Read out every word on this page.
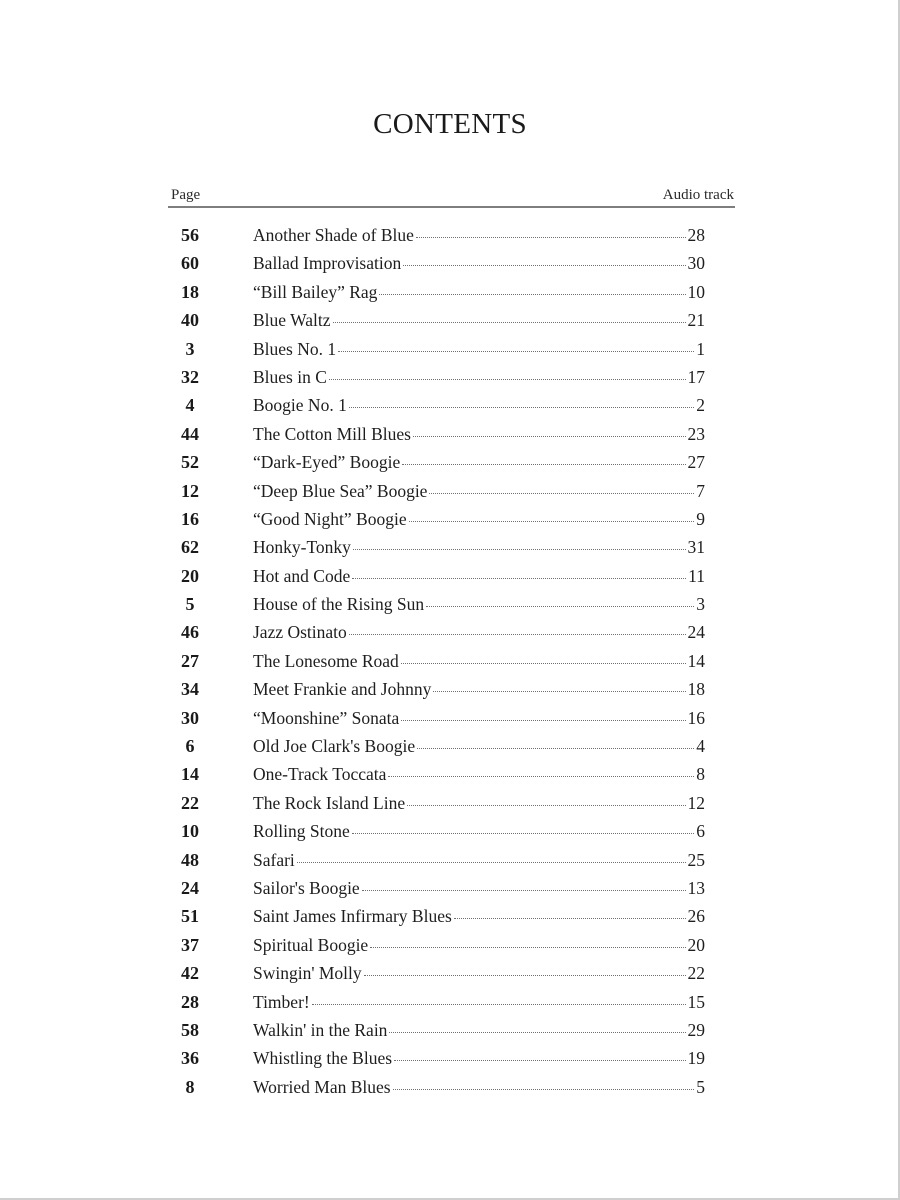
CONTENTS
Page	Audio track
56	Another Shade of Blue	28
60	Ballad Improvisation	30
18	“Bill Bailey” Rag	10
40	Blue Waltz	21
3	Blues No. 1	1
32	Blues in C	17
4	Boogie No. 1	2
44	The Cotton Mill Blues	23
52	“Dark-Eyed” Boogie	27
12	“Deep Blue Sea” Boogie	7
16	“Good Night” Boogie	9
62	Honky-Tonky	31
20	Hot and Code	11
5	House of the Rising Sun	3
46	Jazz Ostinato	24
27	The Lonesome Road	14
34	Meet Frankie and Johnny	18
30	“Moonshine” Sonata	16
6	Old Joe Clark's Boogie	4
14	One-Track Toccata	8
22	The Rock Island Line	12
10	Rolling Stone	6
48	Safari	25
24	Sailor's Boogie	13
51	Saint James Infirmary Blues	26
37	Spiritual Boogie	20
42	Swingin' Molly	22
28	Timber!	15
58	Walkin' in the Rain	29
36	Whistling the Blues	19
8	Worried Man Blues	5
